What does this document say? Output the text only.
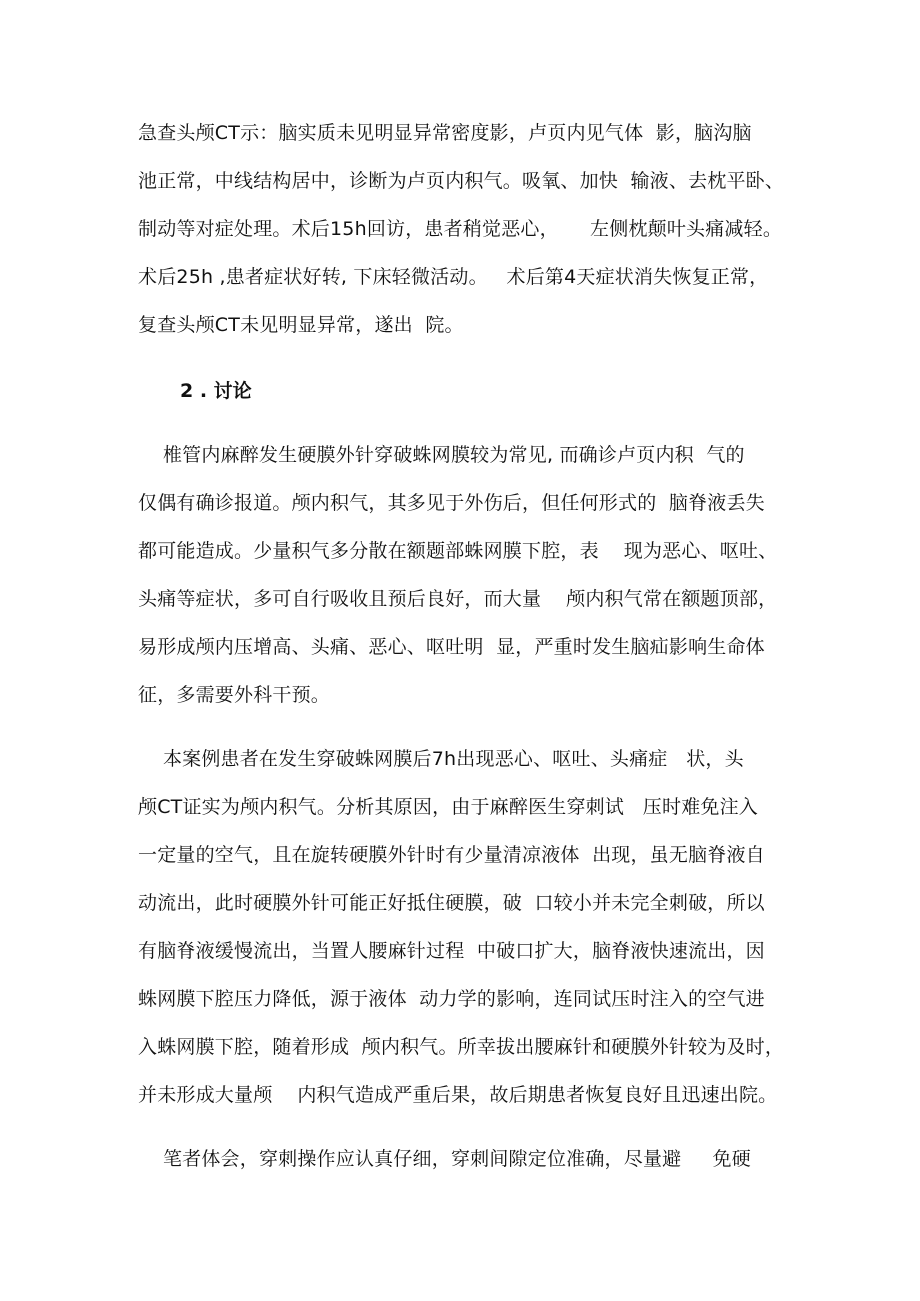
急查头颅CT示：脑实质未见明显异常密度影，卢页内见气体  影，脑沟脑
池正常，中线结构居中，诊断为卢页内积气。吸氧、加快  输液、去枕平卧、
制动等对症处理。术后15h回访，患者稍觉恶心，     左侧枕颠叶头痛减轻。
术后25h ,患者症状好转, 下床轻微活动。   术后第4天症状消失恢复正常，
复查头颅CT未见明显异常，遂出  院。
2 . 讨论
椎管内麻醉发生硬膜外针穿破蛛网膜较为常见, 而确诊卢页内积  气的
仅偶有确诊报道。颅内积气，其多见于外伤后，但任何形式的  脑脊液丢失
都可能造成。少量积气多分散在额题部蛛网膜下腔，表    现为恶心、呕吐、
头痛等症状，多可自行吸收且预后良好，而大量    颅内积气常在额题顶部，
易形成颅内压增高、头痛、恶心、呕吐明  显，严重时发生脑疝影响生命体
征，多需要外科干预。
本案例患者在发生穿破蛛网膜后7h出现恶心、呕吐、头痛症   状，头
颅CT证实为颅内积气。分析其原因，由于麻醉医生穿刺试   压时难免注入
一定量的空气，且在旋转硬膜外针时有少量清凉液体  出现，虽无脑脊液自
动流出，此时硬膜外针可能正好抵住硬膜，破  口较小并未完全刺破，所以
有脑脊液缓慢流出，当置人腰麻针过程  中破口扩大，脑脊液快速流出，因
蛛网膜下腔压力降低，源于液体  动力学的影响，连同试压时注入的空气进
入蛛网膜下腔，随着形成  颅内积气。所幸拔出腰麻针和硬膜外针较为及时，
并未形成大量颅    内积气造成严重后果，故后期患者恢复良好且迅速出院。
笔者体会，穿刺操作应认真仔细，穿刺间隙定位准确，尽量避     免硬
